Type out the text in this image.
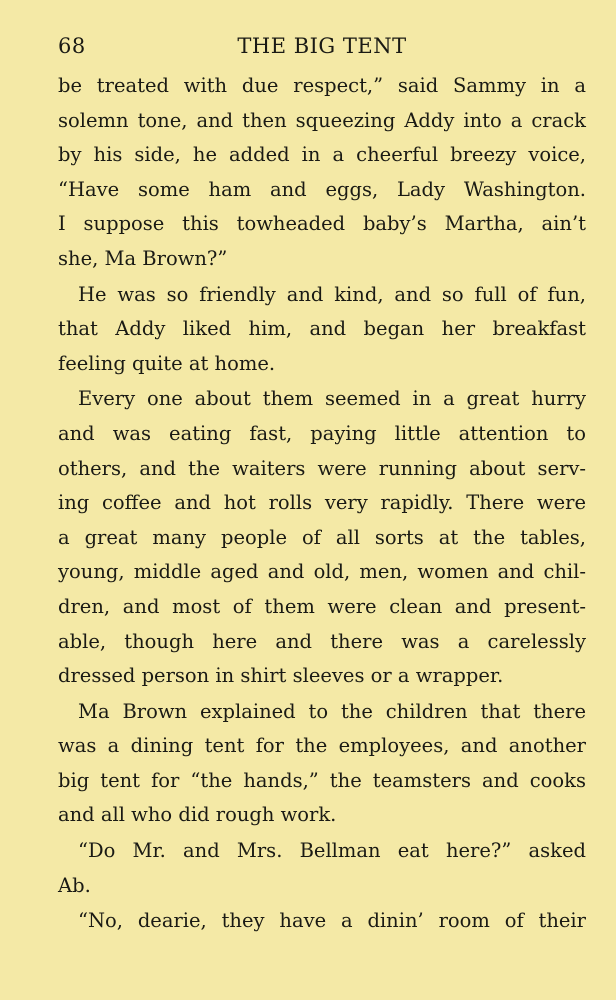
68	THE BIG TENT

be treated with due respect,” said Sammy in a
solemn tone, and then squeezing Addy into a crack
by his side, he added in a cheerful breezy voice,
“Have some ham and eggs, Lady Washington.
I suppose this towheaded baby’s Martha, ain’t
she, Ma Brown?”

He was so friendly and kind, and so full of fun,
that Addy liked him, and began her breakfast
feeling quite at home.

Every one about them seemed in a great hurry
and was eating fast, paying little attention to
others, and the waiters were running about serv-
ing coffee and hot rolls very rapidly. There were
a great many people of all sorts at the tables,
young, middle aged and old, men, women and chil-
dren, and most of them were clean and present-
able, though here and there was a carelessly
dressed person in shirt sleeves or a wrapper.

Ma Brown explained to the children that there
was a dining tent for the employees, and another
big tent for “the hands,” the teamsters and cooks
and all who did rough work.

“Do Mr. and Mrs. Bellman eat here?” asked
Ab.

“No, dearie, they have a dinin’ room of their
